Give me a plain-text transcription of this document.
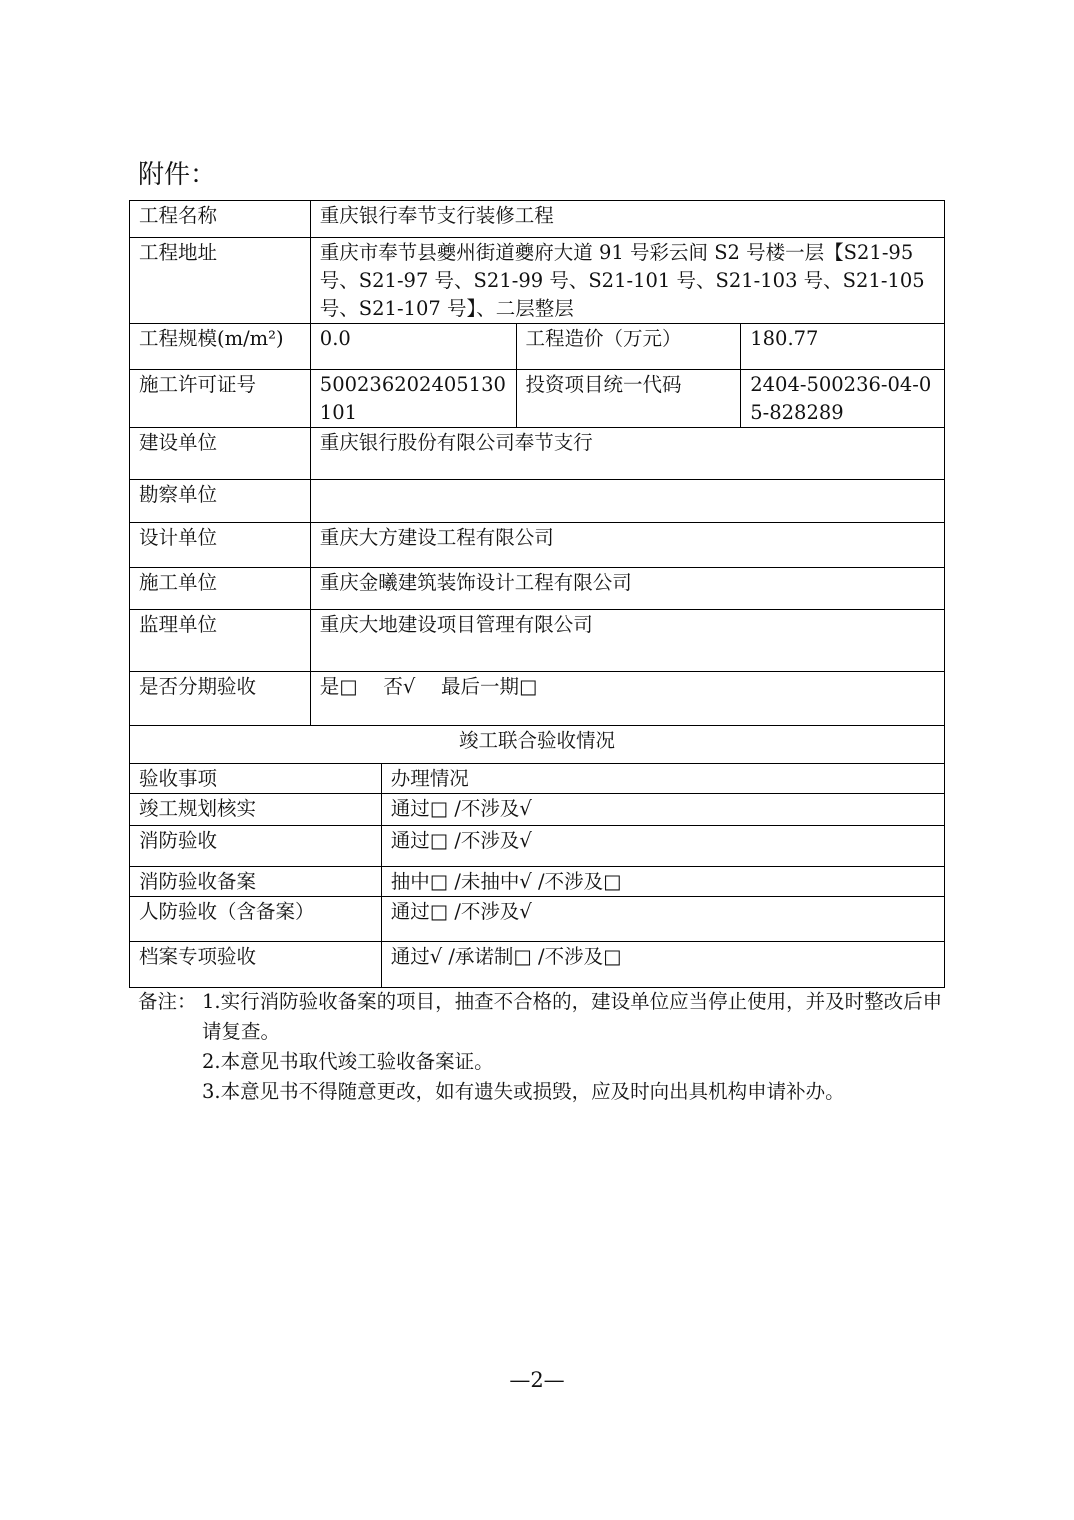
附件：
工程名称	重庆银行奉节支行装修工程		
工程地址	重庆市奉节县夔州街道夔府大道 91 号彩云间 S2 号楼一层【S21-95 号、S21-97 号、S21-99 号、S21-101 号、S21-103 号、S21-105 号、S21-107 号】、二层整层		
工程规模(m/m²)	0.0	工程造价（万元）	180.77
施工许可证号	500236202405130101	投资项目统一代码	2404-500236-04-05-828289
建设单位	重庆银行股份有限公司奉节支行		
勘察单位			
设计单位	重庆大方建设工程有限公司		
施工单位	重庆金曦建筑装饰设计工程有限公司		
监理单位	重庆大地建设项目管理有限公司		
是否分期验收	是□　 否√　 最后一期□		
竣工联合验收情况			
验收事项	办理情况
竣工规划核实	通过□ /不涉及√
消防验收	通过□ /不涉及√
消防验收备案	抽中□ /未抽中√ /不涉及□
人防验收（含备案）	通过□ /不涉及√
档案专项验收	通过√ /承诺制□ /不涉及□
备注： 1.实行消防验收备案的项目，抽查不合格的，建设单位应当停止使用，并及时整改后申请复查。
2.本意见书取代竣工验收备案证。
3.本意见书不得随意更改，如有遗失或损毁，应及时向出具机构申请补办。
—2—
